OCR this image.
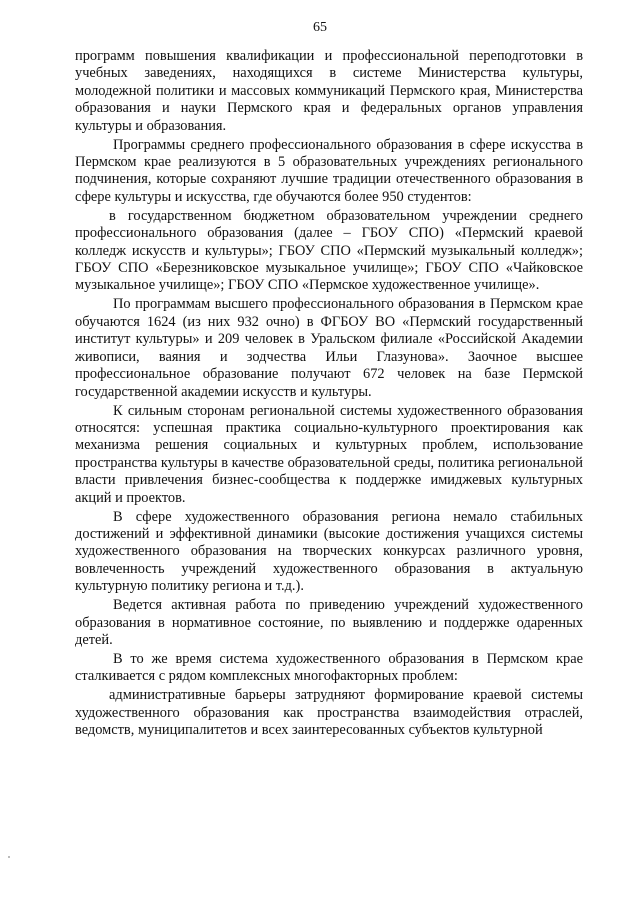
65

программ повышения квалификации и профессиональной переподготовки в учебных заведениях, находящихся в системе Министерства культуры, молодежной политики и массовых коммуникаций Пермского края, Министерства образования и науки Пермского края и федеральных органов управления культуры и образования.

Программы среднего профессионального образования в сфере искусства в Пермском крае реализуются в 5 образовательных учреждениях регионального подчинения, которые сохраняют лучшие традиции отечественного образования в сфере культуры и искусства, где обучаются более 950 студентов:

в государственном бюджетном образовательном учреждении среднего профессионального образования (далее – ГБОУ СПО) «Пермский краевой колледж искусств и культуры»; ГБОУ СПО «Пермский музыкальный колледж»; ГБОУ СПО «Березниковское музыкальное училище»; ГБОУ СПО «Чайковское музыкальное училище»; ГБОУ СПО «Пермское художественное училище».

По программам высшего профессионального образования в Пермском крае обучаются 1624 (из них 932 очно) в ФГБОУ ВО «Пермский государственный институт культуры» и 209 человек в Уральском филиале «Российской Академии живописи, ваяния и зодчества Ильи Глазунова». Заочное высшее профессиональное образование получают 672 человек на базе Пермской государственной академии искусств и культуры.

К сильным сторонам региональной системы художественного образования относятся: успешная практика социально-культурного проектирования как механизма решения социальных и культурных проблем, использование пространства культуры в качестве образовательной среды, политика региональной власти привлечения бизнес-сообщества к поддержке имиджевых культурных акций и проектов.

В сфере художественного образования региона немало стабильных достижений и эффективной динамики (высокие достижения учащихся системы художественного образования на творческих конкурсах различного уровня, вовлеченность учреждений художественного образования в актуальную культурную политику региона и т.д.).

Ведется активная работа по приведению учреждений художественного образования в нормативное состояние, по выявлению и поддержке одаренных детей.

В то же время система художественного образования в Пермском крае сталкивается с рядом комплексных многофакторных проблем:

административные барьеры затрудняют формирование краевой системы художественного образования как пространства взаимодействия отраслей, ведомств, муниципалитетов и всех заинтересованных субъектов культурной
